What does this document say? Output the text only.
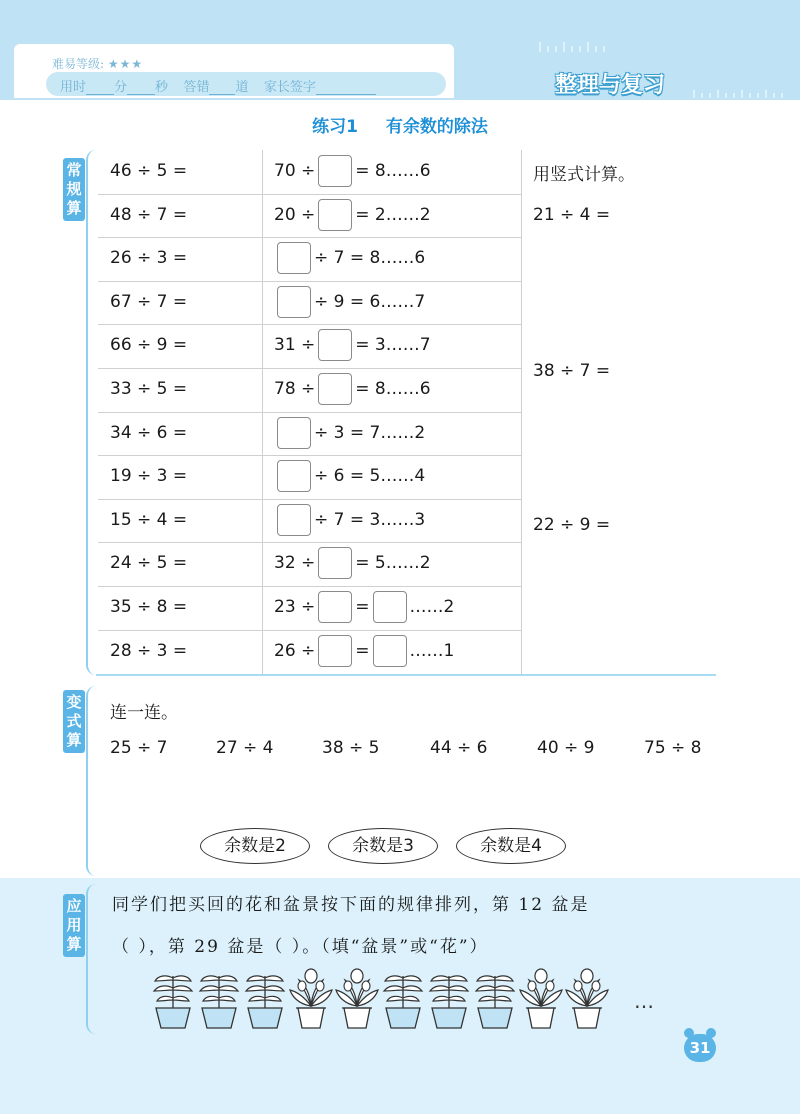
难易等级: ★★★
用时 分 秒 答错 道 家长签字	整理与复习
练习1 有余数的除法
常规算
46 ÷ 5 =	70 ÷ = 8……6
48 ÷ 7 =	20 ÷ = 2……2
26 ÷ 3 =	÷ 7 = 8……6
67 ÷ 7 =	÷ 9 = 6……7
66 ÷ 9 =	31 ÷ = 3……7
33 ÷ 5 =	78 ÷ = 8……6
34 ÷ 6 =	÷ 3 = 7……2
19 ÷ 3 =	÷ 6 = 5……4
15 ÷ 4 =	÷ 7 = 3……3
24 ÷ 5 =	32 ÷ = 5……2
35 ÷ 8 =	23 ÷ = ……2
28 ÷ 3 =	26 ÷ = ……1
用竖式计算。
21 ÷ 4 =
38 ÷ 7 =
22 ÷ 9 =
变式算
连一连。
25 ÷ 7	27 ÷ 4	38 ÷ 5	44 ÷ 6	40 ÷ 9	75 ÷ 8
余数是2	余数是3	余数是4
应用算
同学们把买回的花和盆景按下面的规律排列，第 12 盆是
（ ），第 29 盆是（ ）。（填“盆景”或“花”）
…
31
